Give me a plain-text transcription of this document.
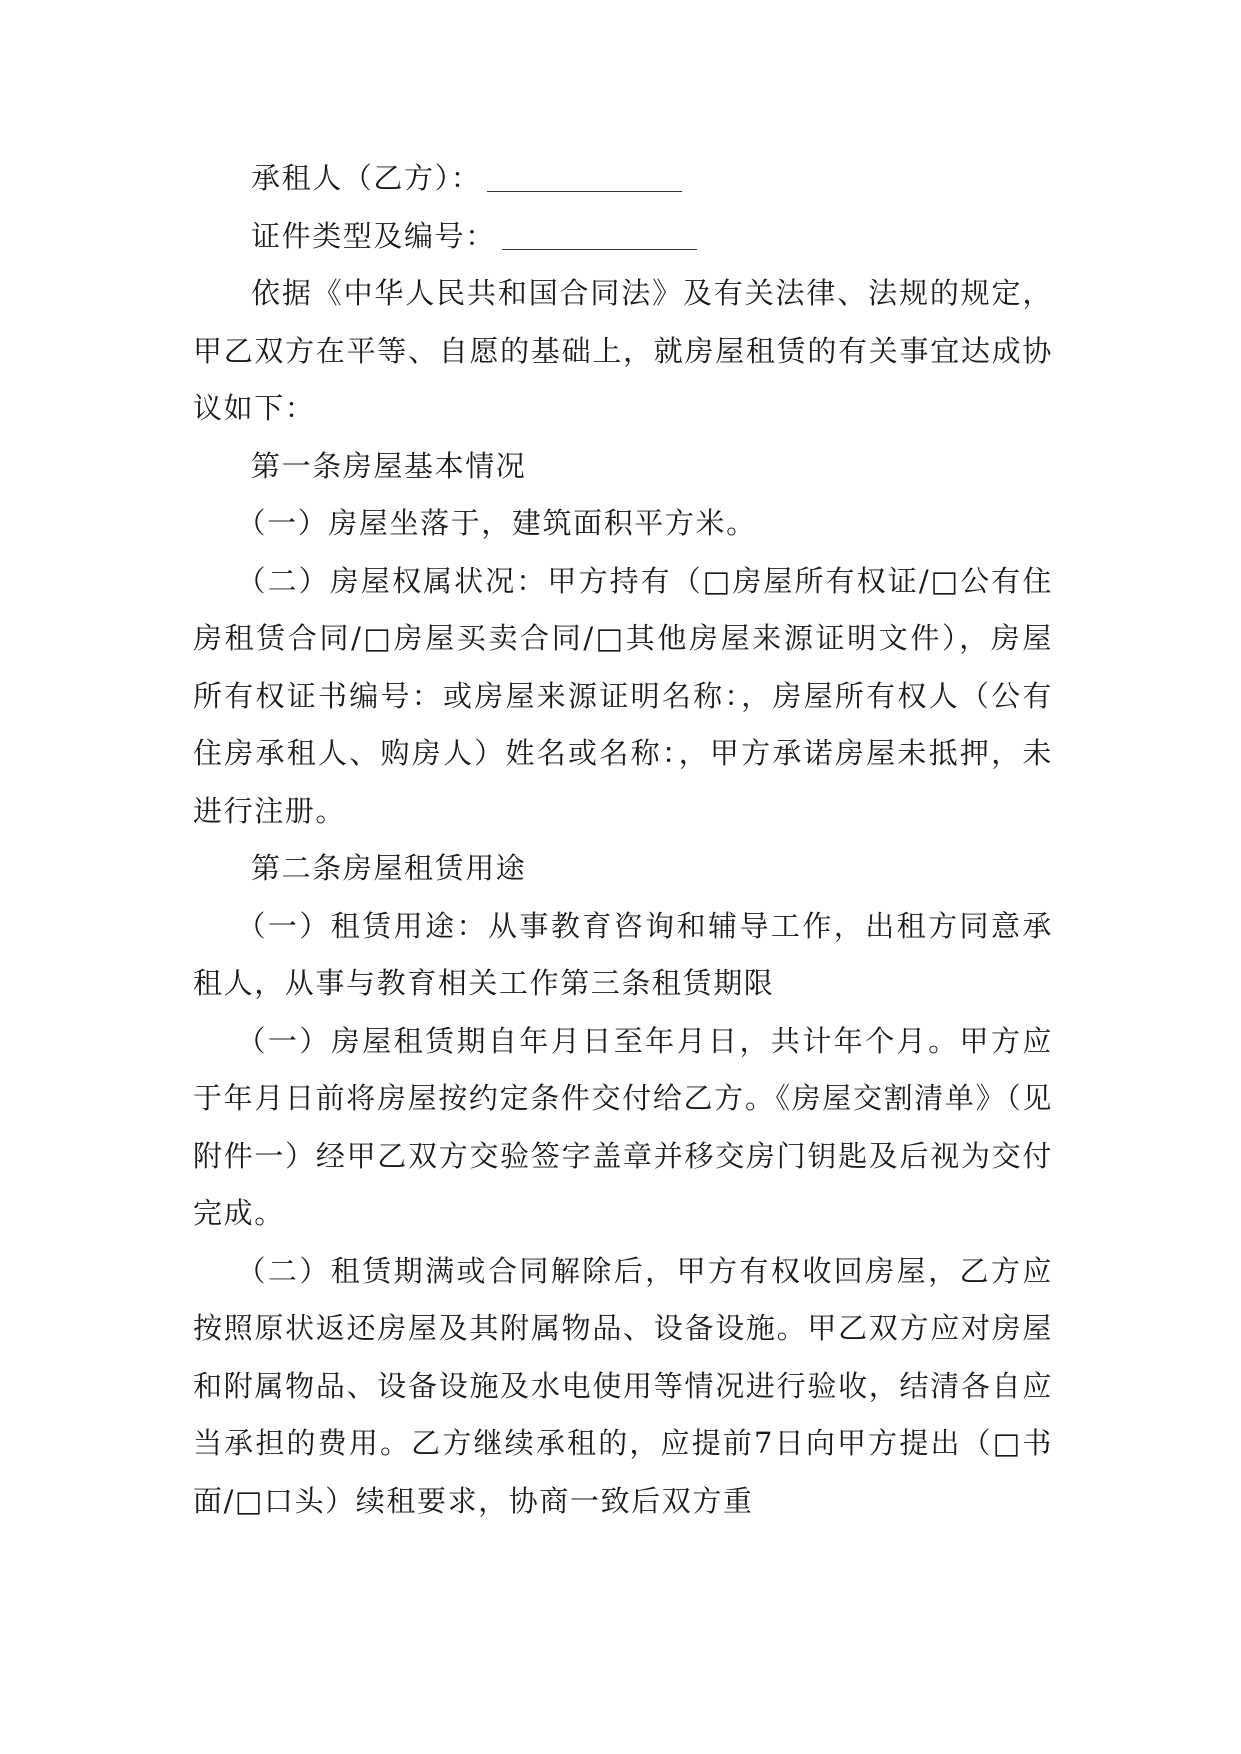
承租人（乙方）：

证件类型及编号：

依据《中华人民共和国合同法》及有关法律、法规的规定，甲乙双方在平等、自愿的基础上，就房屋租赁的有关事宜达成协议如下：

第一条房屋基本情况

（一）房屋坐落于，建筑面积平方米。

（二）房屋权属状况：甲方持有（□房屋所有权证/□公有住房租赁合同/□房屋买卖合同/□其他房屋来源证明文件），房屋所有权证书编号：或房屋来源证明名称：，房屋所有权人（公有住房承租人、购房人）姓名或名称：，甲方承诺房屋未抵押，未进行注册。

第二条房屋租赁用途

（一）租赁用途：从事教育咨询和辅导工作，出租方同意承租人，从事与教育相关工作第三条租赁期限

（一）房屋租赁期自年月日至年月日，共计年个月。甲方应于年月日前将房屋按约定条件交付给乙方。《房屋交割清单》（见附件一）经甲乙双方交验签字盖章并移交房门钥匙及后视为交付完成。

（二）租赁期满或合同解除后，甲方有权收回房屋，乙方应按照原状返还房屋及其附属物品、设备设施。甲乙双方应对房屋和附属物品、设备设施及水电使用等情况进行验收，结清各自应当承担的费用。乙方继续承租的，应提前7日向甲方提出（□书面/□口头）续租要求，协商一致后双方重
